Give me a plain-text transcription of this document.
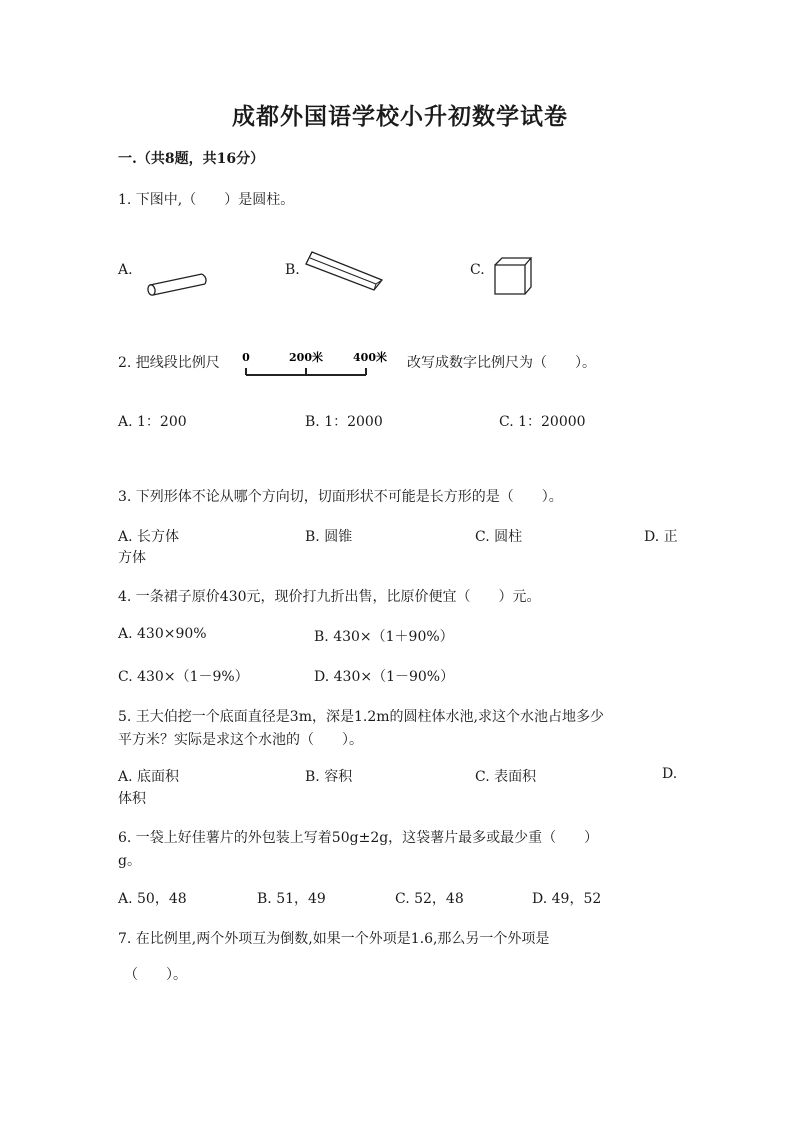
成都外国语学校小升初数学试卷
一.（共8题，共16分）
1. 下图中,（　　）是圆柱。
A.	B.	C.
2. 把线段比例尺 0	200米	400米 改写成数字比例尺为（　　）。
A. 1：200	B. 1：2000	C. 1：20000
3. 下列形体不论从哪个方向切，切面形状不可能是长方形的是（　　）。
A. 长方体	B. 圆锥	C. 圆柱	D. 正
方体
4. 一条裙子原价430元，现价打九折出售，比原价便宜（　　）元。
A. 430×90%	B. 430×（1＋90%）
C. 430×（1－9%）	D. 430×（1－90%）
5. 王大伯挖一个底面直径是3m，深是1.2m的圆柱体水池,求这个水池占地多少
平方米？实际是求这个水池的（　　）。
A. 底面积	B. 容积	C. 表面积	D.
体积
6. 一袋上好佳薯片的外包装上写着50g±2g，这袋薯片最多或最少重（　　）
g。
A. 50，48	B. 51，49	C. 52，48	D. 49，52
7. 在比例里,两个外项互为倒数,如果一个外项是1.6,那么另一个外项是
（　　）。
